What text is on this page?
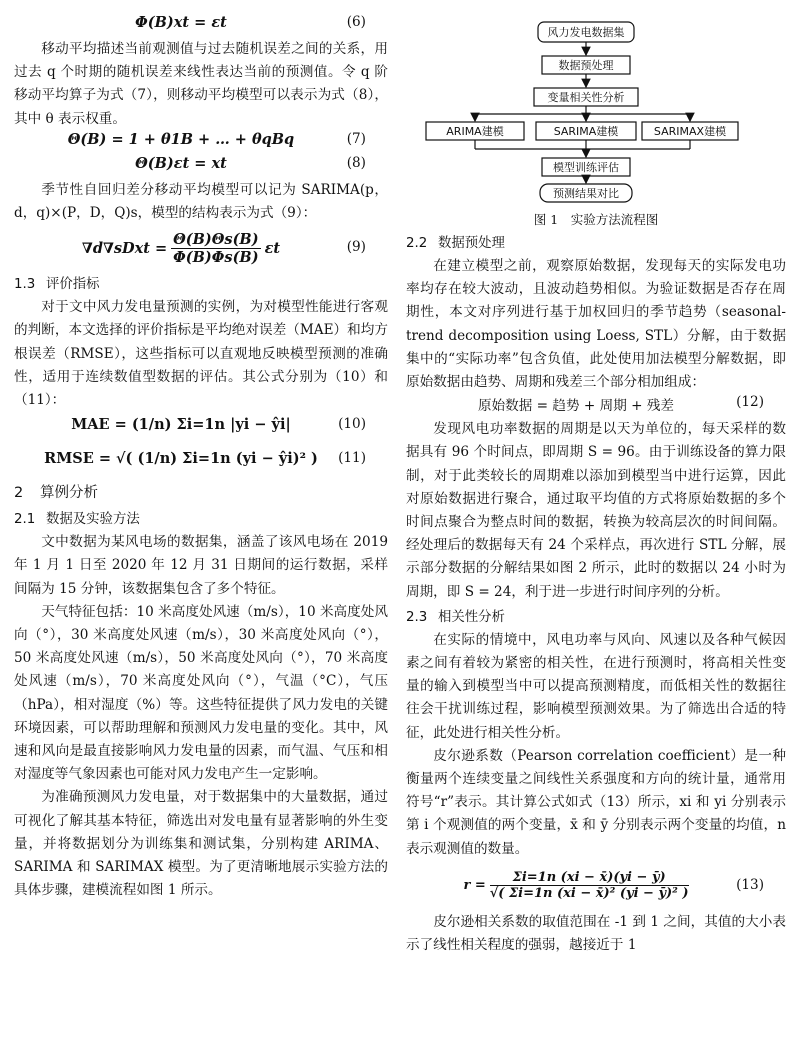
Φ(B)xt = εt	(6)

移动平均描述当前观测值与过去随机误差之间的关系，用过去 q 个时期的随机误差来线性表达当前的预测值。令 q 阶移动平均算子为式（7），则移动平均模型可以表示为式（8），其中 θ 表示权重。

Θ(B) = 1 + θ1B + … + θqBq	(7)
Θ(B)εt = xt	(8)

季节性自回归差分移动平均模型可以记为 SARIMA(p，d，q)×(P，D，Q)s，模型的结构表示为式（9）：

∇d∇sDxt = $\frac{\Theta(B)\Theta s(B)}{\Phi(B)\Phi s(B)}$ εt	(9)
1.3 评价指标

对于文中风力发电量预测的实例，为对模型性能进行客观的判断，本文选择的评价指标是平均绝对误差（MAE）和均方根误差（RMSE），这些指标可以直观地反映模型预测的准确性，适用于连续数值型数据的评估。其公式分别为（10）和（11）：

MAE = (1/n) Σi=1n |yi − ŷi|	(10)
RMSE = √( (1/n) Σi=1n (yi − ŷi)² )	(11)
2 算例分析
2.1 数据及实验方法

文中数据为某风电场的数据集，涵盖了该风电场在 2019 年 1 月 1 日至 2020 年 12 月 31 日期间的运行数据，采样间隔为 15 分钟，该数据集包含了多个特征。

天气特征包括：10 米高度处风速（m/s），10 米高度处风向（°），30 米高度处风速（m/s），30 米高度处风向（°），50 米高度处风速（m/s），50 米高度处风向（°），70 米高度处风速（m/s），70 米高度处风向（°），气温（°C），气压（hPa），相对湿度（%）等。这些特征提供了风力发电的关键环境因素，可以帮助理解和预测风力发电量的变化。其中，风速和风向是最直接影响风力发电量的因素，而气温、气压和相对湿度等气象因素也可能对风力发电产生一定影响。

为准确预测风力发电量，对于数据集中的大量数据，通过可视化了解其基本特征，筛选出对发电量有显著影响的外生变量，并将数据划分为训练集和测试集，分别构建 ARIMA、SARIMA 和 SARIMAX 模型。为了更清晰地展示实验方法的具体步骤，建模流程如图 1 所示。

风力发电数据集
数据预处理
变量相关性分析
ARIMA建模	SARIMA建模	SARIMAX建模
模型训练评估
预测结果对比
图 1　实验方法流程图
2.2 数据预处理

在建立模型之前，观察原始数据，发现每天的实际发电功率均存在较大波动，且波动趋势相似。为验证数据是否存在周期性，本文对序列进行基于加权回归的季节趋势（seasonal-trend decomposition using Loess, STL）分解，由于数据集中的“实际功率”包含负值，此处使用加法模型分解数据，即原始数据由趋势、周期和残差三个部分相加组成：

原始数据 = 趋势 + 周期 + 残差	(12)

发现风电功率数据的周期是以天为单位的，每天采样的数据具有 96 个时间点，即周期 S = 96。由于训练设备的算力限制，对于此类较长的周期难以添加到模型当中进行运算，因此对原始数据进行聚合，通过取平均值的方式将原始数据的多个时间点聚合为整点时间的数据，转换为较高层次的时间间隔。经处理后的数据每天有 24 个采样点，再次进行 STL 分解，展示部分数据的分解结果如图 2 所示，此时的数据以 24 小时为周期，即 S = 24，利于进一步进行时间序列的分析。

2.3 相关性分析

在实际的情境中，风电功率与风向、风速以及各种气候因素之间有着较为紧密的相关性，在进行预测时，将高相关性变量的输入到模型当中可以提高预测精度，而低相关性的数据往往会干扰训练过程，影响模型预测效果。为了筛选出合适的特征，此处进行相关性分析。

皮尔逊系数（Pearson correlation coefficient）是一种衡量两个连续变量之间线性关系强度和方向的统计量，通常用符号“r”表示。其计算公式如式（13）所示，xi 和 yi 分别表示第 i 个观测值的两个变量，x̄ 和 ȳ 分别表示两个变量的均值，n 表示观测值的数量。

$r = \frac{\Sigma i=1n (xi - x̄)(yi - ȳ)}{\text{√( Σi=1n (xi − x̄)² (yi − ȳ)² )}}$	(13)

皮尔逊相关系数的取值范围在 -1 到 1 之间，其值的大小表示了线性相关程度的强弱，越接近于 1
